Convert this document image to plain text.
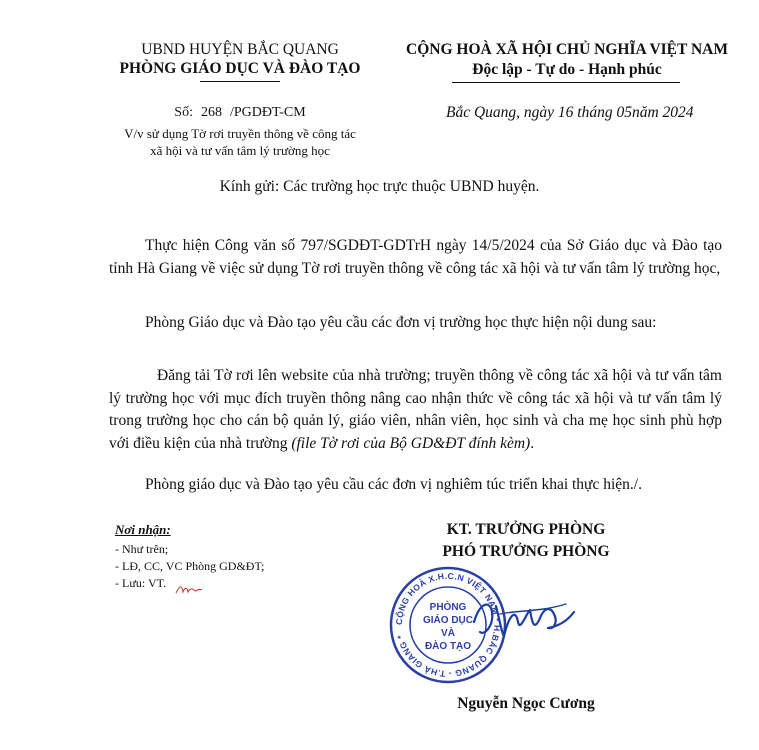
UBND HUYỆN BẮC QUANG
PHÒNG GIÁO DỤC VÀ ĐÀO TẠO
CỘNG HOÀ XÃ HỘI CHỦ NGHĨA VIỆT NAM
Độc lập - Tự do - Hạnh phúc
Số: 268 /PGDĐT-CM
V/v sử dụng Tờ rơi truyền thông về công tác
xã hội và tư vấn tâm lý trường học
Bắc Quang, ngày 16 tháng 05năm 2024
Kính gửi: Các trường học trực thuộc UBND huyện.
Thực hiện Công văn số 797/SGDĐT-GDTrH ngày 14/5/2024 của Sở Giáo dục và Đào tạo tỉnh Hà Giang về việc sử dụng Tờ rơi truyền thông về công tác xã hội và tư vấn tâm lý trường học,
Phòng Giáo dục và Đào tạo yêu cầu các đơn vị trường học thực hiện nội dung sau:
Đăng tải Tờ rơi lên website của nhà trường; truyền thông về công tác xã hội và tư vấn tâm lý trường học với mục đích truyền thông nâng cao nhận thức về công tác xã hội và tư vấn tâm lý trong trường học cho cán bộ quản lý, giáo viên, nhân viên, học sinh và cha mẹ học sinh phù hợp với điều kiện của nhà trường (file Tờ rơi của Bộ GD&ĐT đính kèm).
Phòng giáo dục và Đào tạo yêu cầu các đơn vị nghiêm túc triển khai thực hiện./.
Nơi nhận:
- Như trên;
- LĐ, CC, VC Phòng GD&ĐT;
- Lưu: VT.
KT. TRƯỞNG PHÒNG
PHÓ TRƯỞNG PHÒNG
CỘNG HOÀ X.H.C.N VIỆT NAM * H.BẮC QUANG - T.HÀ GIANG *
PHÒNG
GIÁO DỤC
VÀ
ĐÀO TẠO
Nguyễn Ngọc Cương
